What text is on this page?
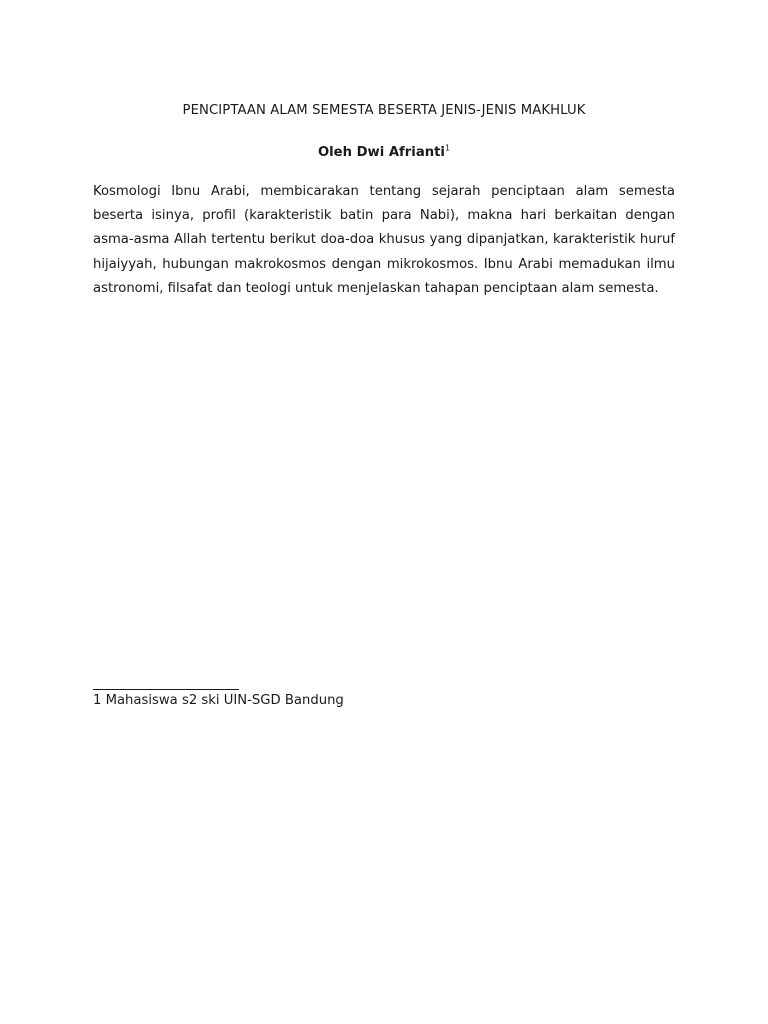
PENCIPTAAN ALAM SEMESTA BESERTA JENIS-JENIS MAKHLUK
Oleh Dwi Afrianti$^1$

Kosmologi Ibnu Arabi, membicarakan tentang sejarah penciptaan alam semesta beserta isinya, profil (karakteristik batin para Nabi), makna hari berkaitan dengan asma-asma Allah tertentu berikut doa-doa khusus yang dipanjatkan, karakteristik huruf hijaiyyah, hubungan makrokosmos dengan mikrokosmos. Ibnu Arabi memadukan ilmu astronomi, filsafat dan teologi untuk menjelaskan tahapan penciptaan alam semesta.

1 Mahasiswa s2 ski UIN-SGD Bandung
